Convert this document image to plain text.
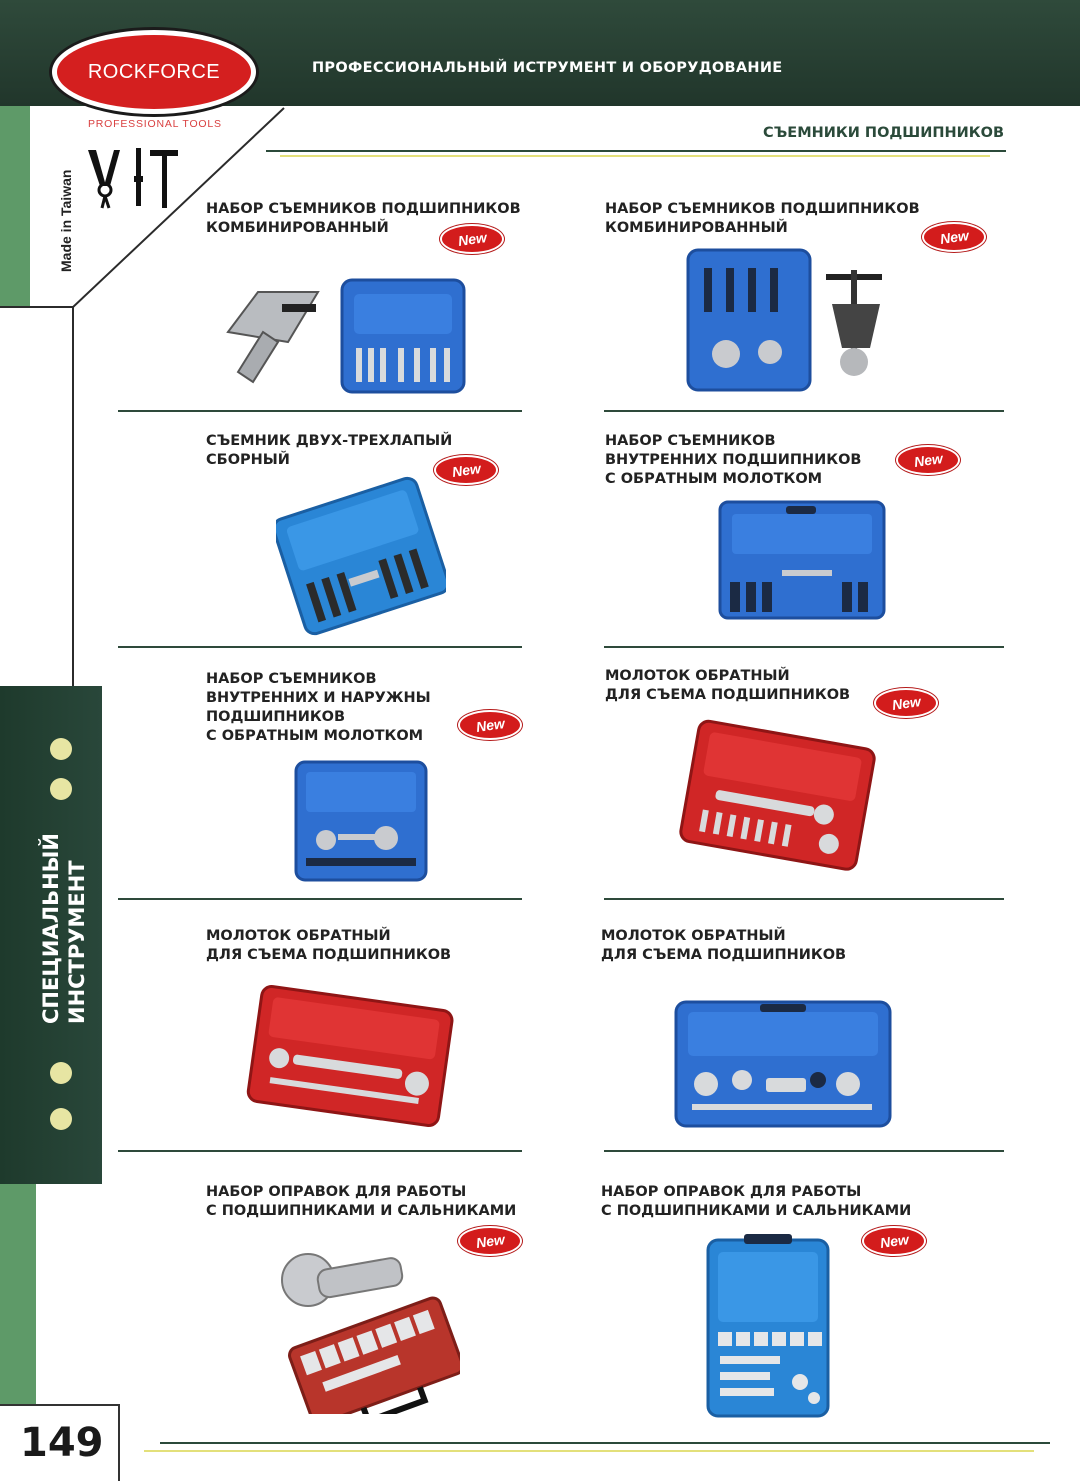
ПРОФЕССИОНАЛЬНЫЙ ИСТРУМЕНТ И ОБОРУДОВАНИЕ
ROCKFORCE
PROFESSIONAL TOOLS
Made in Taiwan
СПЕЦИАЛЬНЫЙ ИНСТРУМЕНТ
СЪЕМНИКИ ПОДШИПНИКОВ
НАБОР СЪЕМНИКОВ ПОДШИПНИКОВ
КОМБИНИРОВАННЫЙ
New
НАБОР СЪЕМНИКОВ ПОДШИПНИКОВ
КОМБИНИРОВАННЫЙ	New
СЪЕМНИК ДВУХ-ТРЕХЛАПЫЙ
СБОРНЫЙ
New
НАБОР СЪЕМНИКОВ
ВНУТРЕННИХ ПОДШИПНИКОВ
С ОБРАТНЫМ МОЛОТКОМ
New
НАБОР СЪЕМНИКОВ
ВНУТРЕННИХ И НАРУЖНЫ
ПОДШИПНИКОВ
С ОБРАТНЫМ МОЛОТКОМ
New
МОЛОТОК ОБРАТНЫЙ
ДЛЯ СЪЕМА ПОДШИПНИКОВ	New
МОЛОТОК ОБРАТНЫЙ
ДЛЯ СЪЕМА ПОДШИПНИКОВ
МОЛОТОК ОБРАТНЫЙ
ДЛЯ СЪЕМА ПОДШИПНИКОВ
НАБОР ОПРАВОК ДЛЯ РАБОТЫ
С ПОДШИПНИКАМИ И САЛЬНИКАМИ
New
НАБОР ОПРАВОК ДЛЯ РАБОТЫ
С ПОДШИПНИКАМИ И САЛЬНИКАМИ
New
149
